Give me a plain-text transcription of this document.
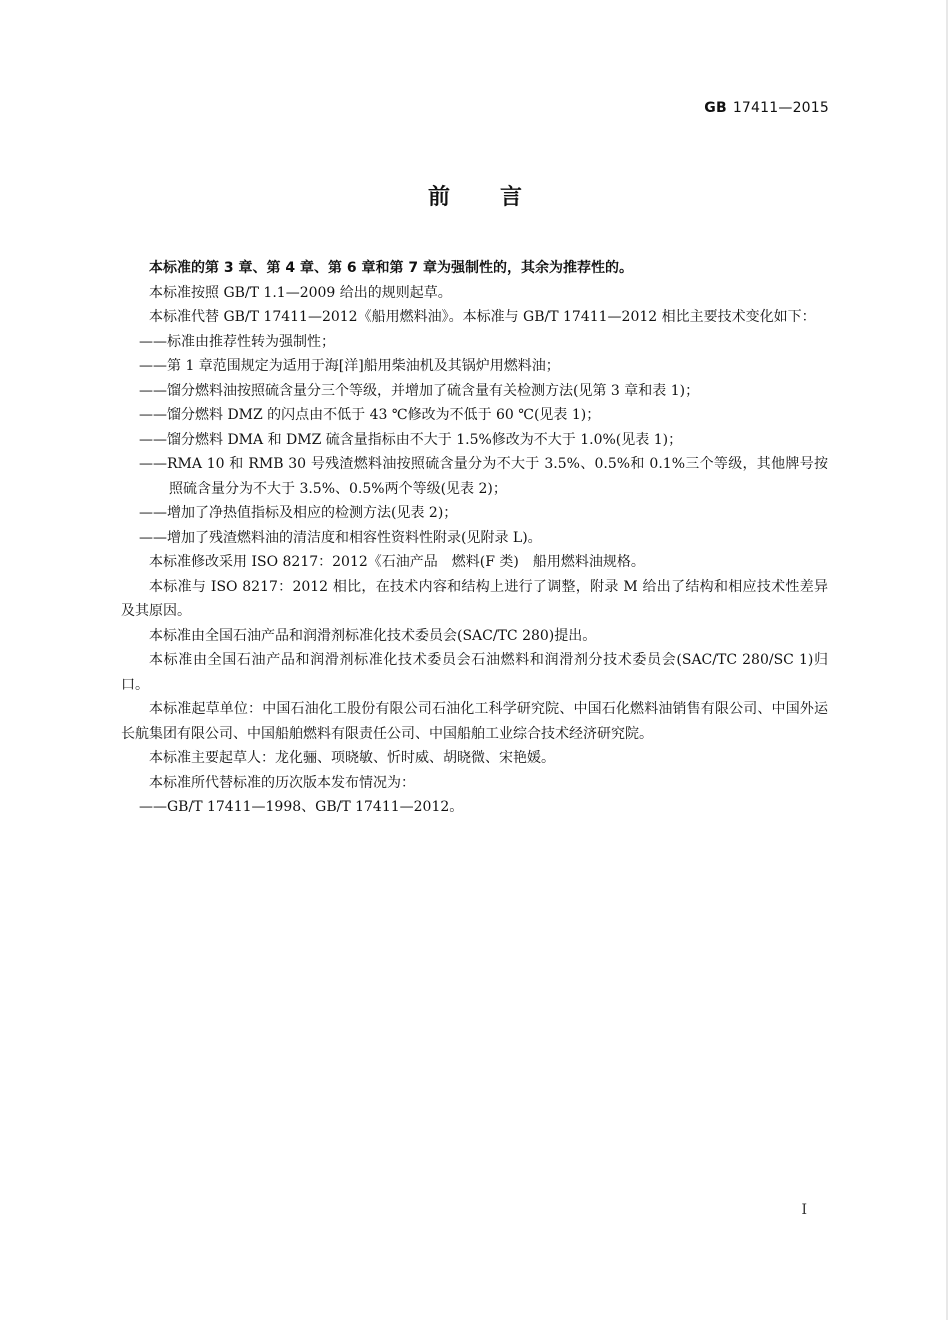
GB 17411—2015
前言

本标准的第 3 章、第 4 章、第 6 章和第 7 章为强制性的，其余为推荐性的。

本标准按照 GB/T 1.1—2009 给出的规则起草。

本标准代替 GB/T 17411—2012《船用燃料油》。本标准与 GB/T 17411—2012 相比主要技术变化如下：

——标准由推荐性转为强制性；

——第 1 章范围规定为适用于海[洋]船用柴油机及其锅炉用燃料油；

——馏分燃料油按照硫含量分三个等级，并增加了硫含量有关检测方法(见第 3 章和表 1)；

——馏分燃料 DMZ 的闪点由不低于 43 ℃修改为不低于 60 ℃(见表 1)；

——馏分燃料 DMA 和 DMZ 硫含量指标由不大于 1.5%修改为不大于 1.0%(见表 1)；

——RMA 10 和 RMB 30 号残渣燃料油按照硫含量分为不大于 3.5%、0.5%和 0.1%三个等级，其他牌号按照硫含量分为不大于 3.5%、0.5%两个等级(见表 2)；

——增加了净热值指标及相应的检测方法(见表 2)；

——增加了残渣燃料油的清洁度和相容性资料性附录(见附录 L)。

本标准修改采用 ISO 8217：2012《石油产品　燃料(F 类)　船用燃料油规格。

本标准与 ISO 8217：2012 相比，在技术内容和结构上进行了调整，附录 M 给出了结构和相应技术性差异及其原因。

本标准由全国石油产品和润滑剂标准化技术委员会(SAC/TC 280)提出。

本标准由全国石油产品和润滑剂标准化技术委员会石油燃料和润滑剂分技术委员会(SAC/TC 280/SC 1)归口。

本标准起草单位：中国石油化工股份有限公司石油化工科学研究院、中国石化燃料油销售有限公司、中国外运长航集团有限公司、中国船舶燃料有限责任公司、中国船舶工业综合技术经济研究院。

本标准主要起草人：龙化骊、项晓敏、忻时威、胡晓微、宋艳媛。

本标准所代替标准的历次版本发布情况为：

——GB/T 17411—1998、GB/T 17411—2012。

I
